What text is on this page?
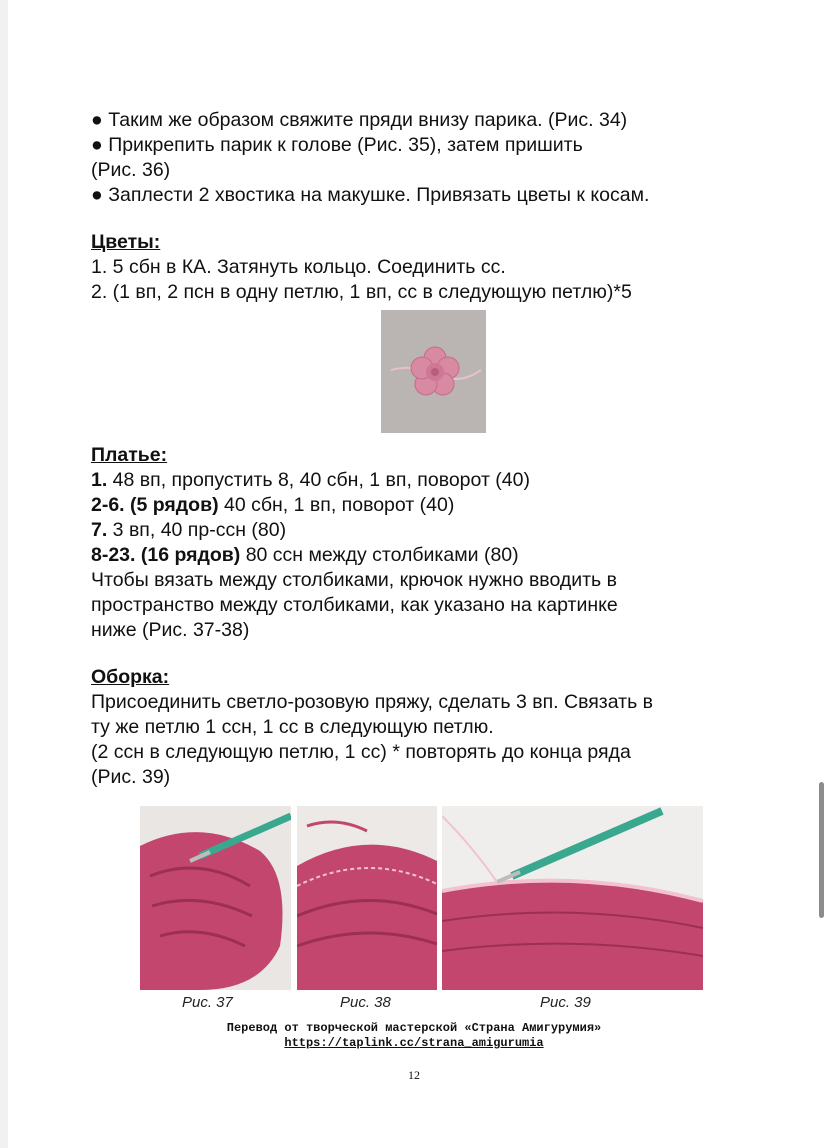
● Таким же образом свяжите пряди внизу парика. (Рис. 34)

● Прикрепить парик к голове (Рис. 35), затем пришить

(Рис. 36)

● Заплести 2 хвостика на макушке. Привязать цветы к косам.

Цветы:

1. 5 сбн в КА. Затянуть кольцо. Соединить сс.

2. (1 вп, 2 псн в одну петлю, 1 вп, сс в следующую петлю)*5

Платье:

1. 48 вп, пропустить 8, 40 сбн, 1 вп, поворот (40)

2-6. (5 рядов) 40 сбн, 1 вп, поворот (40)

7. 3 вп, 40 пр-ссн (80)

8-23. (16 рядов) 80 ссн между столбиками (80)

Чтобы вязать между столбиками, крючок нужно вводить в

пространство между столбиками, как указано на картинке

ниже (Рис. 37-38)

Оборка:

Присоединить светло-розовую пряжу, сделать 3 вп. Связать в

ту же петлю 1 ссн, 1 сс в следующую петлю.

(2 ссн в следующую петлю, 1 сс) * повторять до конца ряда

(Рис. 39)

Рис. 37	Рис. 38	Рис. 39
Перевод от творческой мастерской «Страна Амигурумия»
https://taplink.cc/strana_amigurumia
12
